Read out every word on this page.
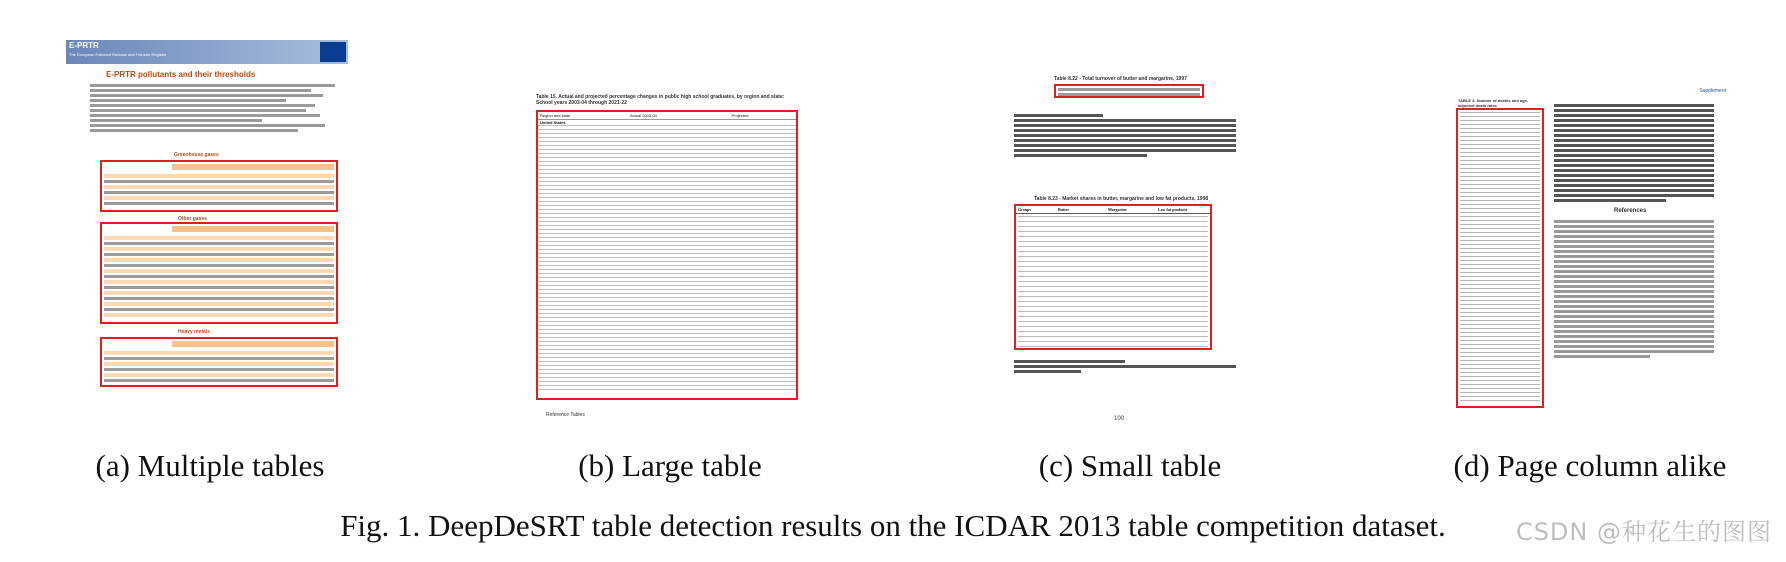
E-PRTR
The European Pollutant Release and Transfer Register
E-PRTR pollutants and their thresholds
Greenhouse gases
Other gases
Heavy metals
Table 15. Actual and projected percentage changes in public high school graduates, by region and state: School years 2003-04 through 2021-22
Region and state	Actual 2003-04	Projected
United States
Reference Tables
Table 8.22 - Total turnover of butter and margarine, 1997
Table 8.23 - Market shares in butter, margarine and low fat products, 1998
Groups	Butter	Margarine	Low fat products
100
Supplement
TABLE 4. Number of deaths and age-adjusted death rates
References
(a) Multiple tables	(b) Large table	(c) Small table	(d) Page column alike
Fig. 1. DeepDeSRT table detection results on the ICDAR 2013 table competition dataset.	CSDN @种花生的图图
